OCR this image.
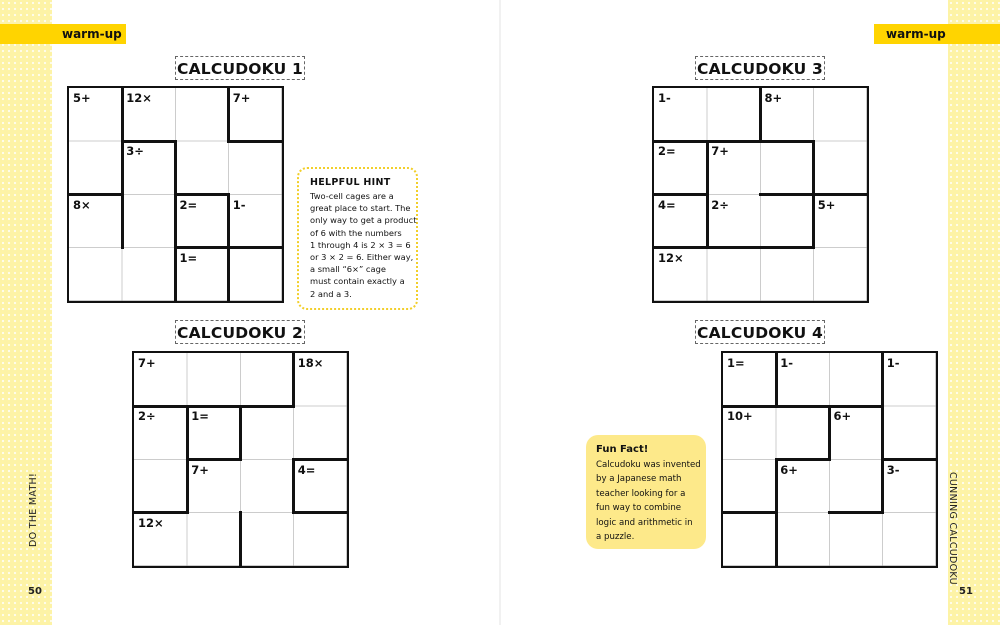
warm-up	warm-up
DO THE MATH!	CUNNING CALCUDOKU
50	51
CALCUDOKU 1
5+	12×	7+
3÷
8×	2=	1-
1=
CALCUDOKU 2
7+	18×
2÷	1=
7+	4=
12×
CALCUDOKU 3
1-	8+
2=	7+
4=	2÷	5+
12×
CALCUDOKU 4
1=	1-	1-
10+	6+
6+	3-
HELPFUL HINT
Two-cell cages are a
great place to start. The
only way to get a product
of 6 with the numbers
1 through 4 is 2 × 3 = 6
or 3 × 2 = 6. Either way,
a small “6×” cage
must contain exactly a
2 and a 3.
Fun Fact!
Calcudoku was invented
by a Japanese math
teacher looking for a
fun way to combine
logic and arithmetic in
a puzzle.
